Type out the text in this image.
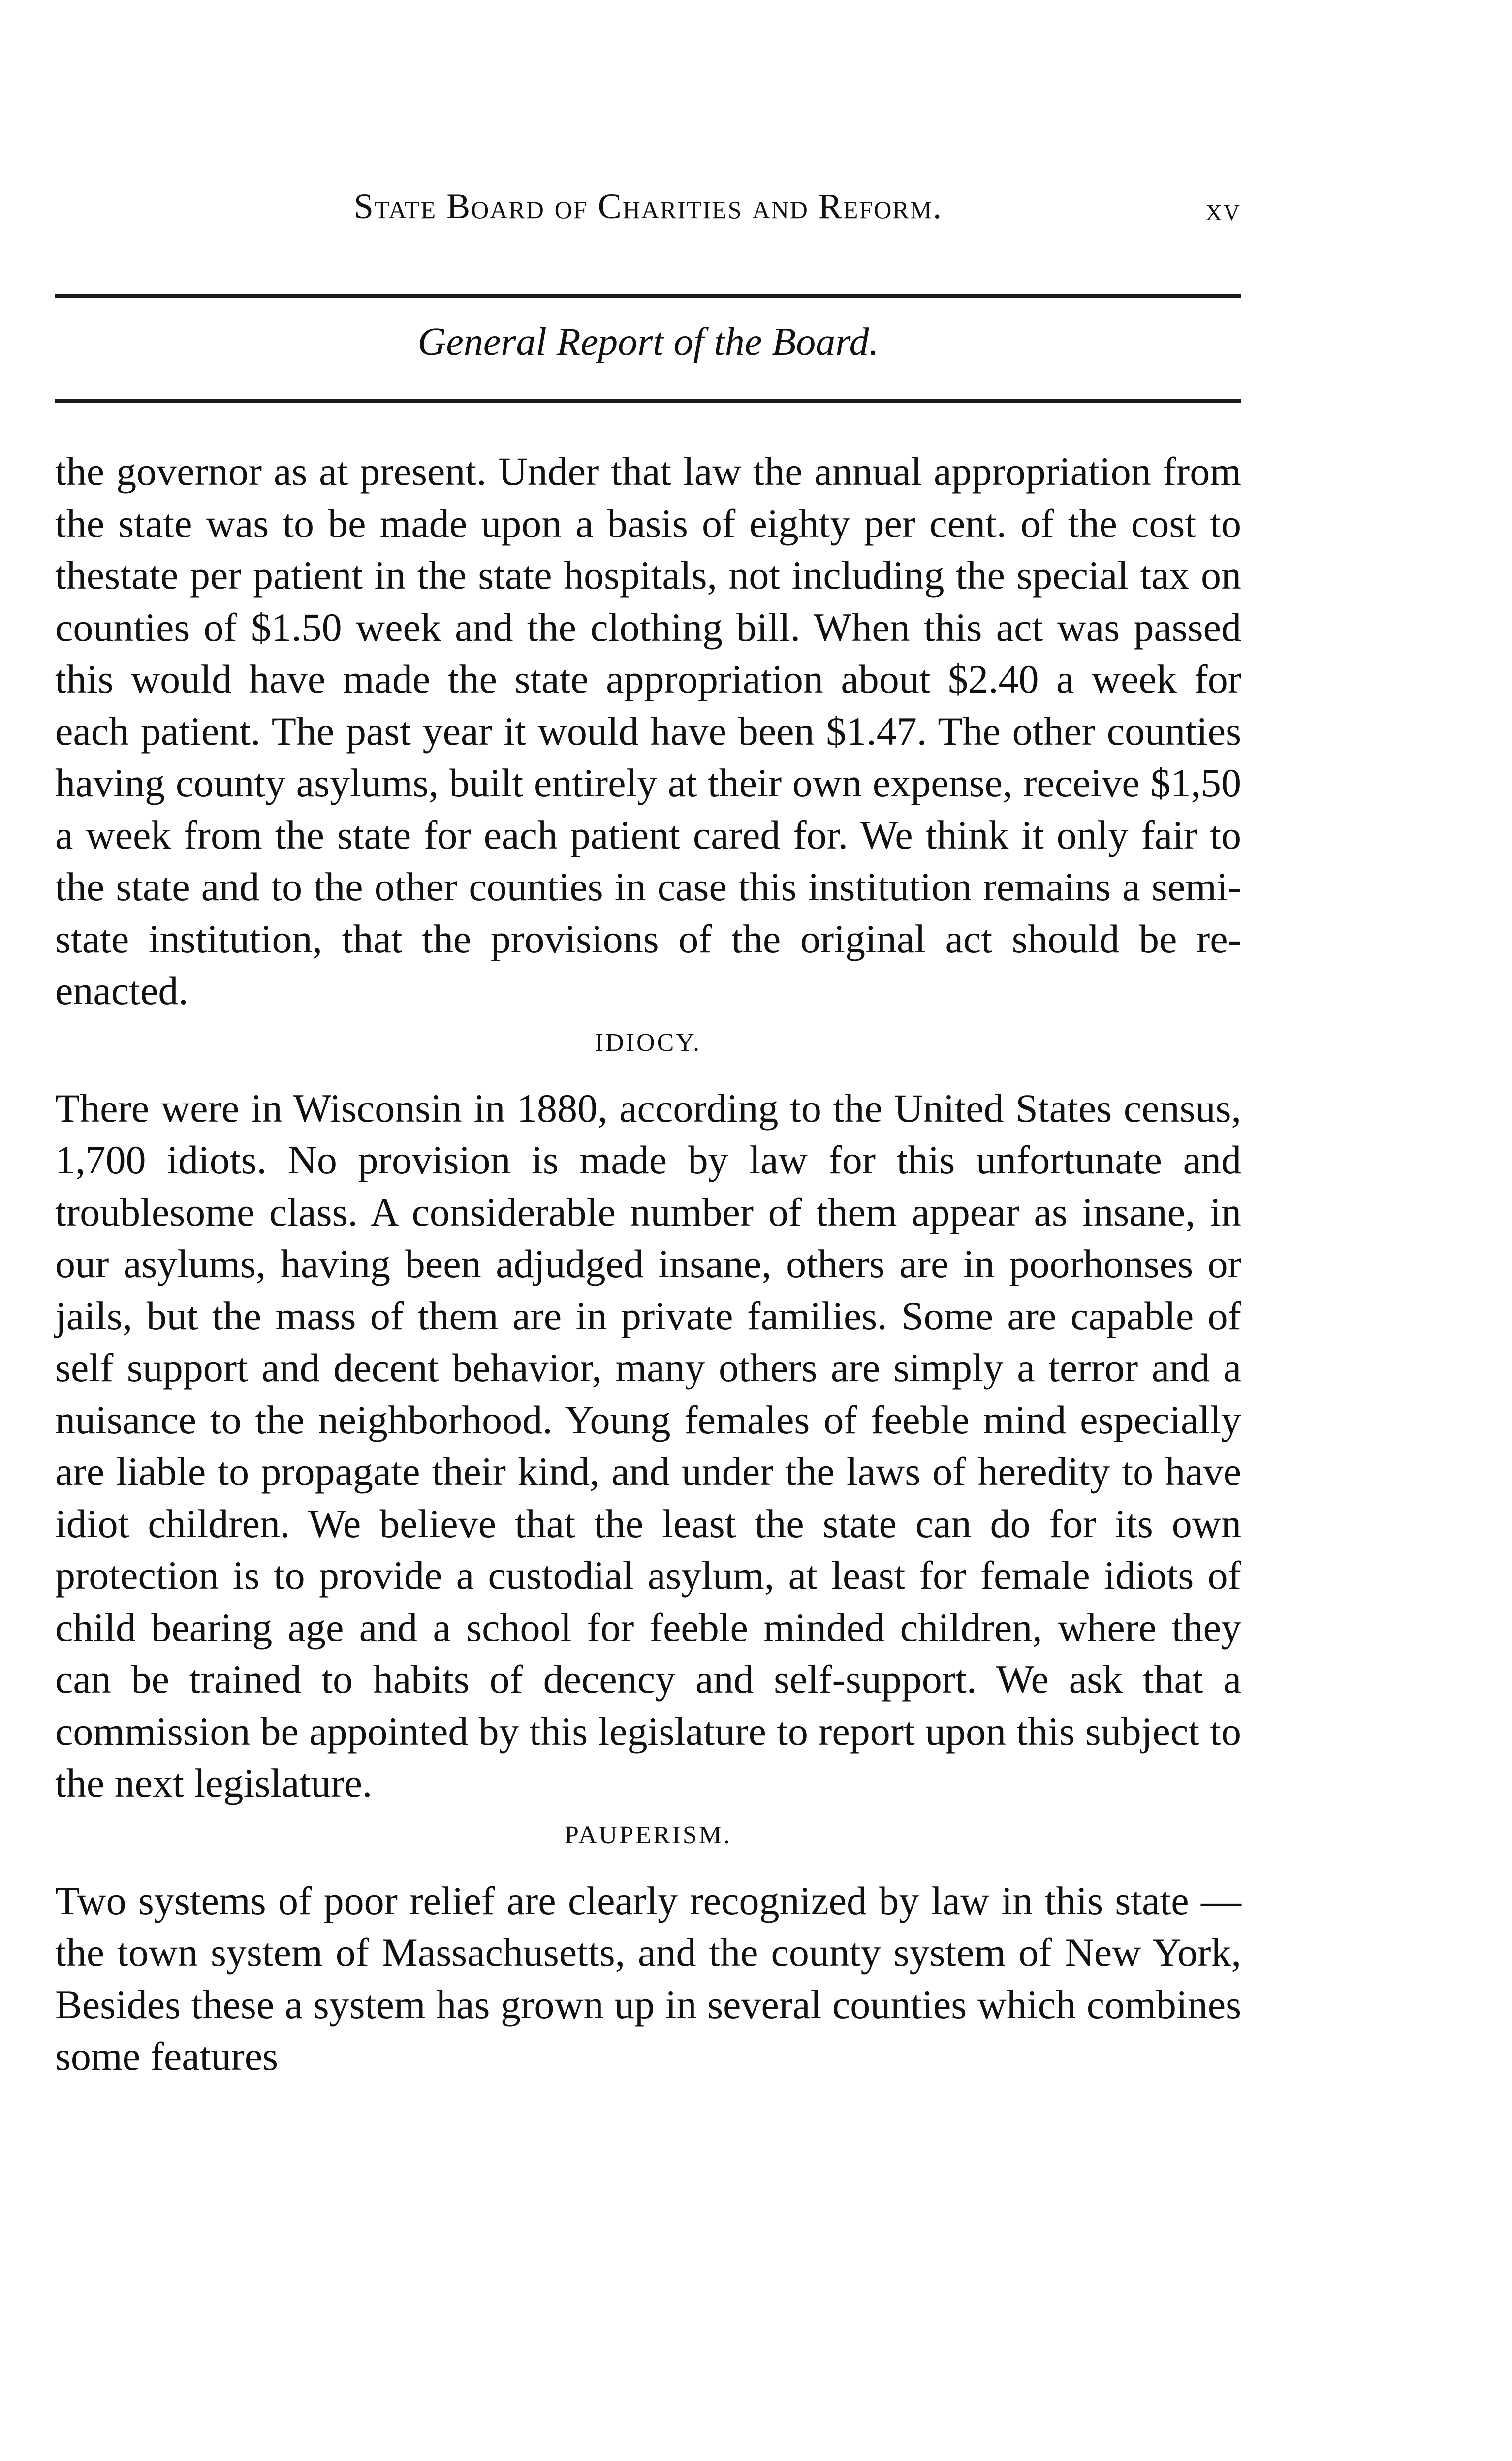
State Board of Charities and Reform.	xv
General Report of the Board.

the governor as at present. Under that law the annual appropriation from the state was to be made upon a basis of eighty per cent. of the cost to thestate per patient in the state hospitals, not including the special tax on counties of $1.50 week and the clothing bill. When this act was passed this would have made the state appropriation about $2.40 a week for each patient. The past year it would have been $1.47. The other counties having county asylums, built entirely at their own expense, receive $1,50 a week from the state for each patient cared for. We think it only fair to the state and to the other counties in case this institution remains a semi-state institution, that the provisions of the original act should be re-enacted.

IDIOCY.

There were in Wisconsin in 1880, according to the United States census, 1,700 idiots. No provision is made by law for this unfortunate and troublesome class. A considerable number of them appear as insane, in our asylums, having been adjudged insane, others are in poorhonses or jails, but the mass of them are in private families. Some are capable of self support and decent behavior, many others are simply a terror and a nuisance to the neighborhood. Young females of feeble mind especially are liable to propagate their kind, and under the laws of heredity to have idiot children. We believe that the least the state can do for its own protection is to provide a custodial asylum, at least for female idiots of child bearing age and a school for feeble minded children, where they can be trained to habits of decency and self-support. We ask that a commission be appointed by this legislature to report upon this subject to the next legislature.

PAUPERISM.

Two systems of poor relief are clearly recognized by law in this state — the town system of Massachusetts, and the county system of New York, Besides these a system has grown up in several counties which combines some features
